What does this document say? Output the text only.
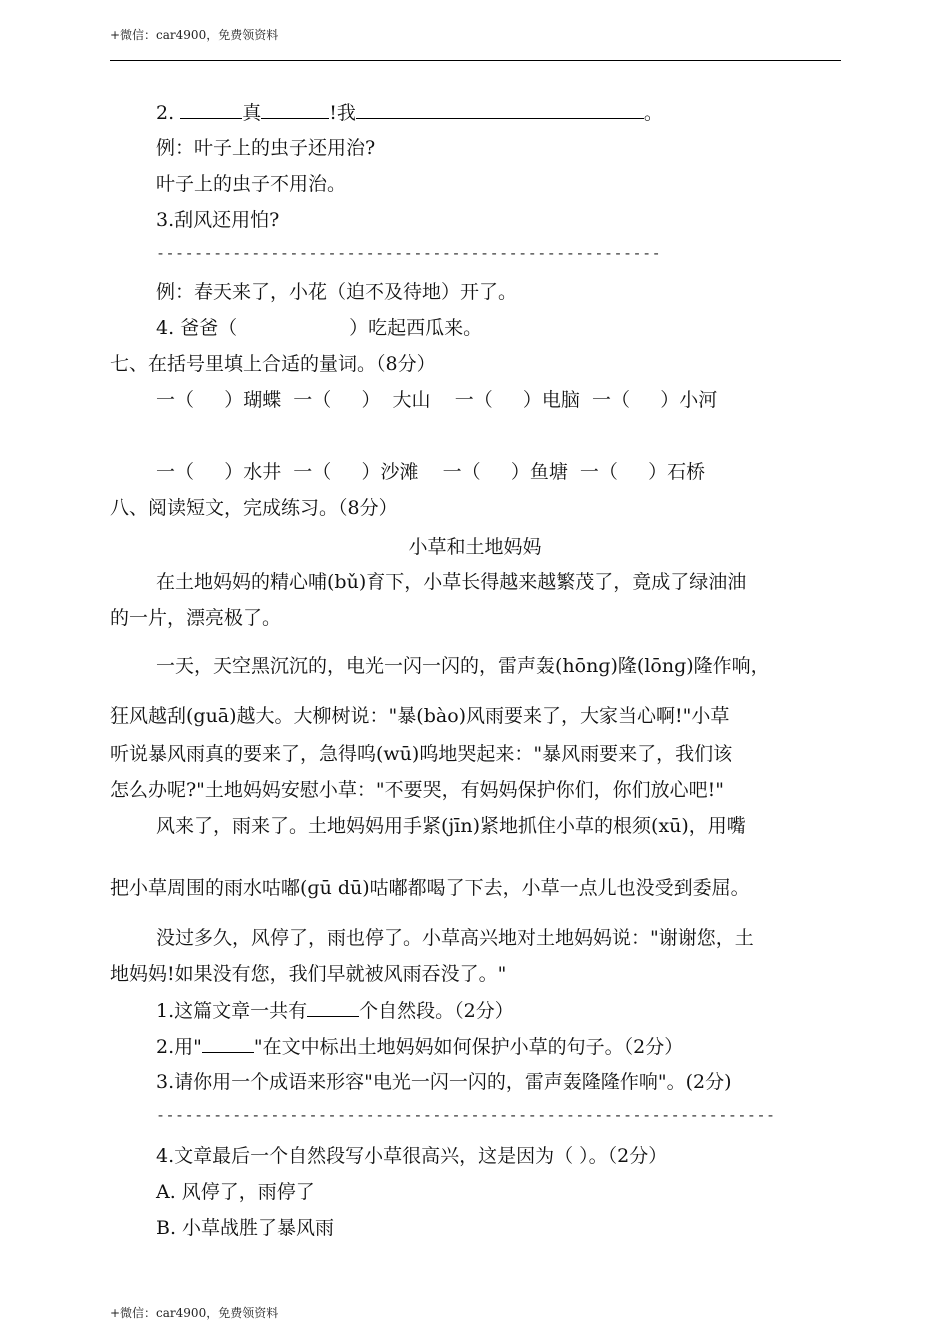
+微信：car4900，免费领资料
2.	真	!我	。
例：叶子上的虫子还用治?
叶子上的虫子不用治。
3.刮风还用怕?
-----------------------------------------------------
例：春天来了，小花（迫不及待地）开了。
4. 爸爸（	）吃起西瓜来。
七、在括号里填上合适的量词。（8分）
一（     ）瑚蝶  一（     ）  大山    一（     ）电脑  一（     ）小河
一（     ）水井  一（     ）沙滩    一（     ）鱼塘  一（     ）石桥
八、阅读短文，完成练习。（8分）
小草和土地妈妈
在土地妈妈的精心哺(bǔ)育下，小草长得越来越繁茂了，竟成了绿油油
的一片，漂亮极了。
一天，天空黑沉沉的，电光一闪一闪的，雷声轰(hōnɡ)隆(lōnɡ)隆作响，
狂风越刮(guā)越大。大柳树说："暴(bào)风雨要来了，大家当心啊!"小草
听说暴风雨真的要来了，急得呜(wū)呜地哭起来："暴风雨要来了，我们该
怎么办呢?"土地妈妈安慰小草："不要哭，有妈妈保护你们，你们放心吧!"
风来了，雨来了。土地妈妈用手紧(jīn)紧地抓住小草的根须(xū)，用嘴
把小草周围的雨水咕嘟(ɡū dū)咕嘟都喝了下去，小草一点儿也没受到委屈。
没过多久，风停了，雨也停了。小草高兴地对土地妈妈说："谢谢您，土
地妈妈!如果没有您，我们早就被风雨吞没了。"
1.这篇文章一共有	个自然段。（2分）
2.用"	"在文中标出土地妈妈如何保护小草的句子。（2分）
3.请你用一个成语来形容"电光一闪一闪的，雷声轰隆隆作响"。(2分)
-----------------------------------------------------------------
4.文章最后一个自然段写小草很高兴，这是因为（ ）。（2分）
A. 风停了，雨停了
B. 小草战胜了暴风雨
+微信：car4900，免费领资料
